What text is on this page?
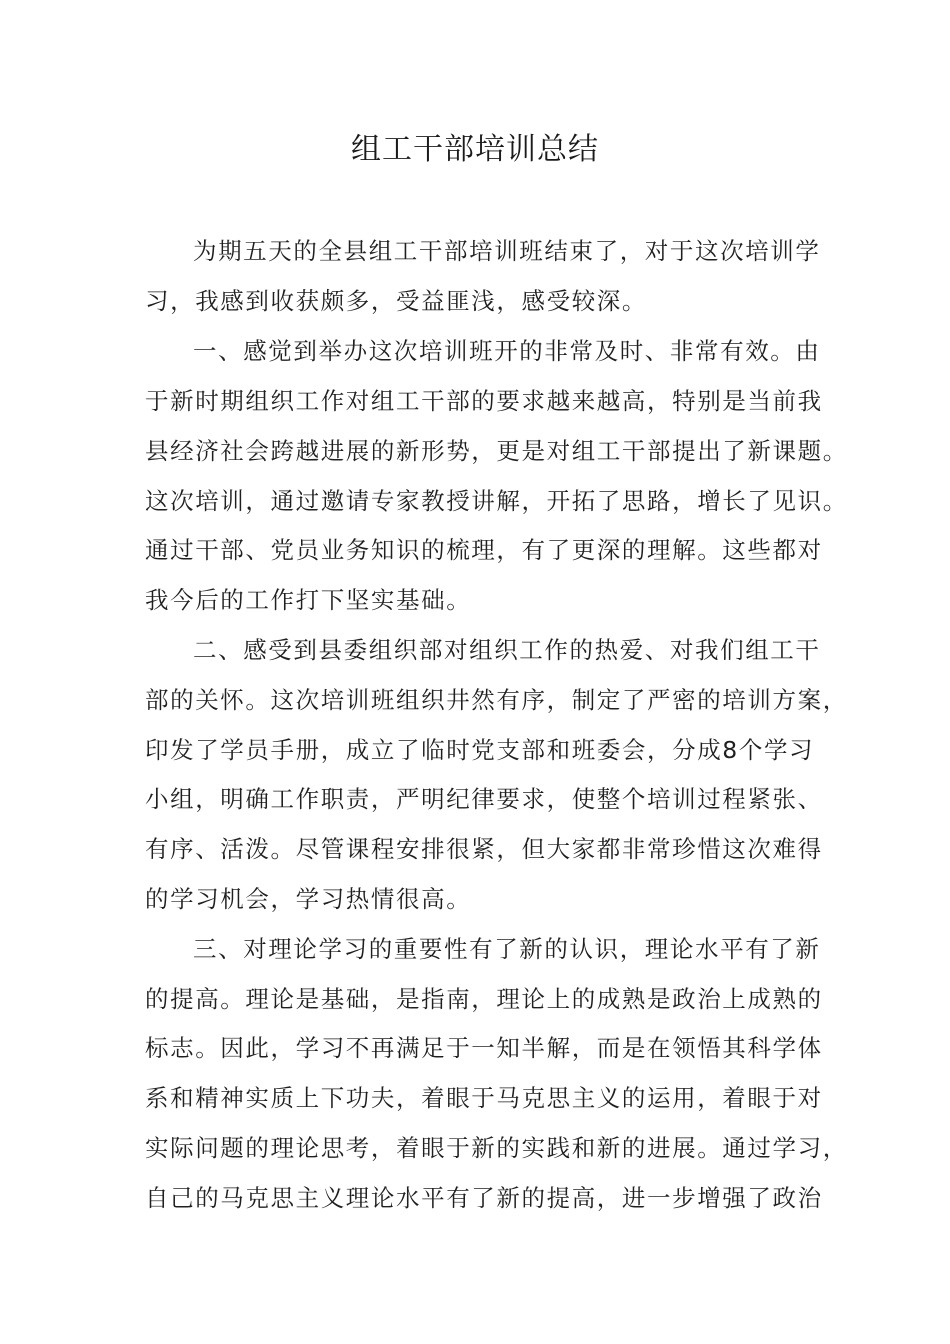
组工干部培训总结
为期五天的全县组工干部培训班结束了，对于这次培训学
习，我感到收获颇多，受益匪浅，感受较深。
一、感觉到举办这次培训班开的非常及时、非常有效。由
于新时期组织工作对组工干部的要求越来越高，特别是当前我
县经济社会跨越进展的新形势，更是对组工干部提出了新课题。
这次培训，通过邀请专家教授讲解，开拓了思路，增长了见识。
通过干部、党员业务知识的梳理，有了更深的理解。这些都对
我今后的工作打下坚实基础。
二、感受到县委组织部对组织工作的热爱、对我们组工干
部的关怀。这次培训班组织井然有序，制定了严密的培训方案，
印发了学员手册，成立了临时党支部和班委会，分成8个学习
小组，明确工作职责，严明纪律要求，使整个培训过程紧张、
有序、活泼。尽管课程安排很紧，但大家都非常珍惜这次难得
的学习机会，学习热情很高。
三、对理论学习的重要性有了新的认识，理论水平有了新
的提高。理论是基础，是指南，理论上的成熟是政治上成熟的
标志。因此，学习不再满足于一知半解，而是在领悟其科学体
系和精神实质上下功夫，着眼于马克思主义的运用，着眼于对
实际问题的理论思考，着眼于新的实践和新的进展。通过学习，
自己的马克思主义理论水平有了新的提高，进一步增强了政治
